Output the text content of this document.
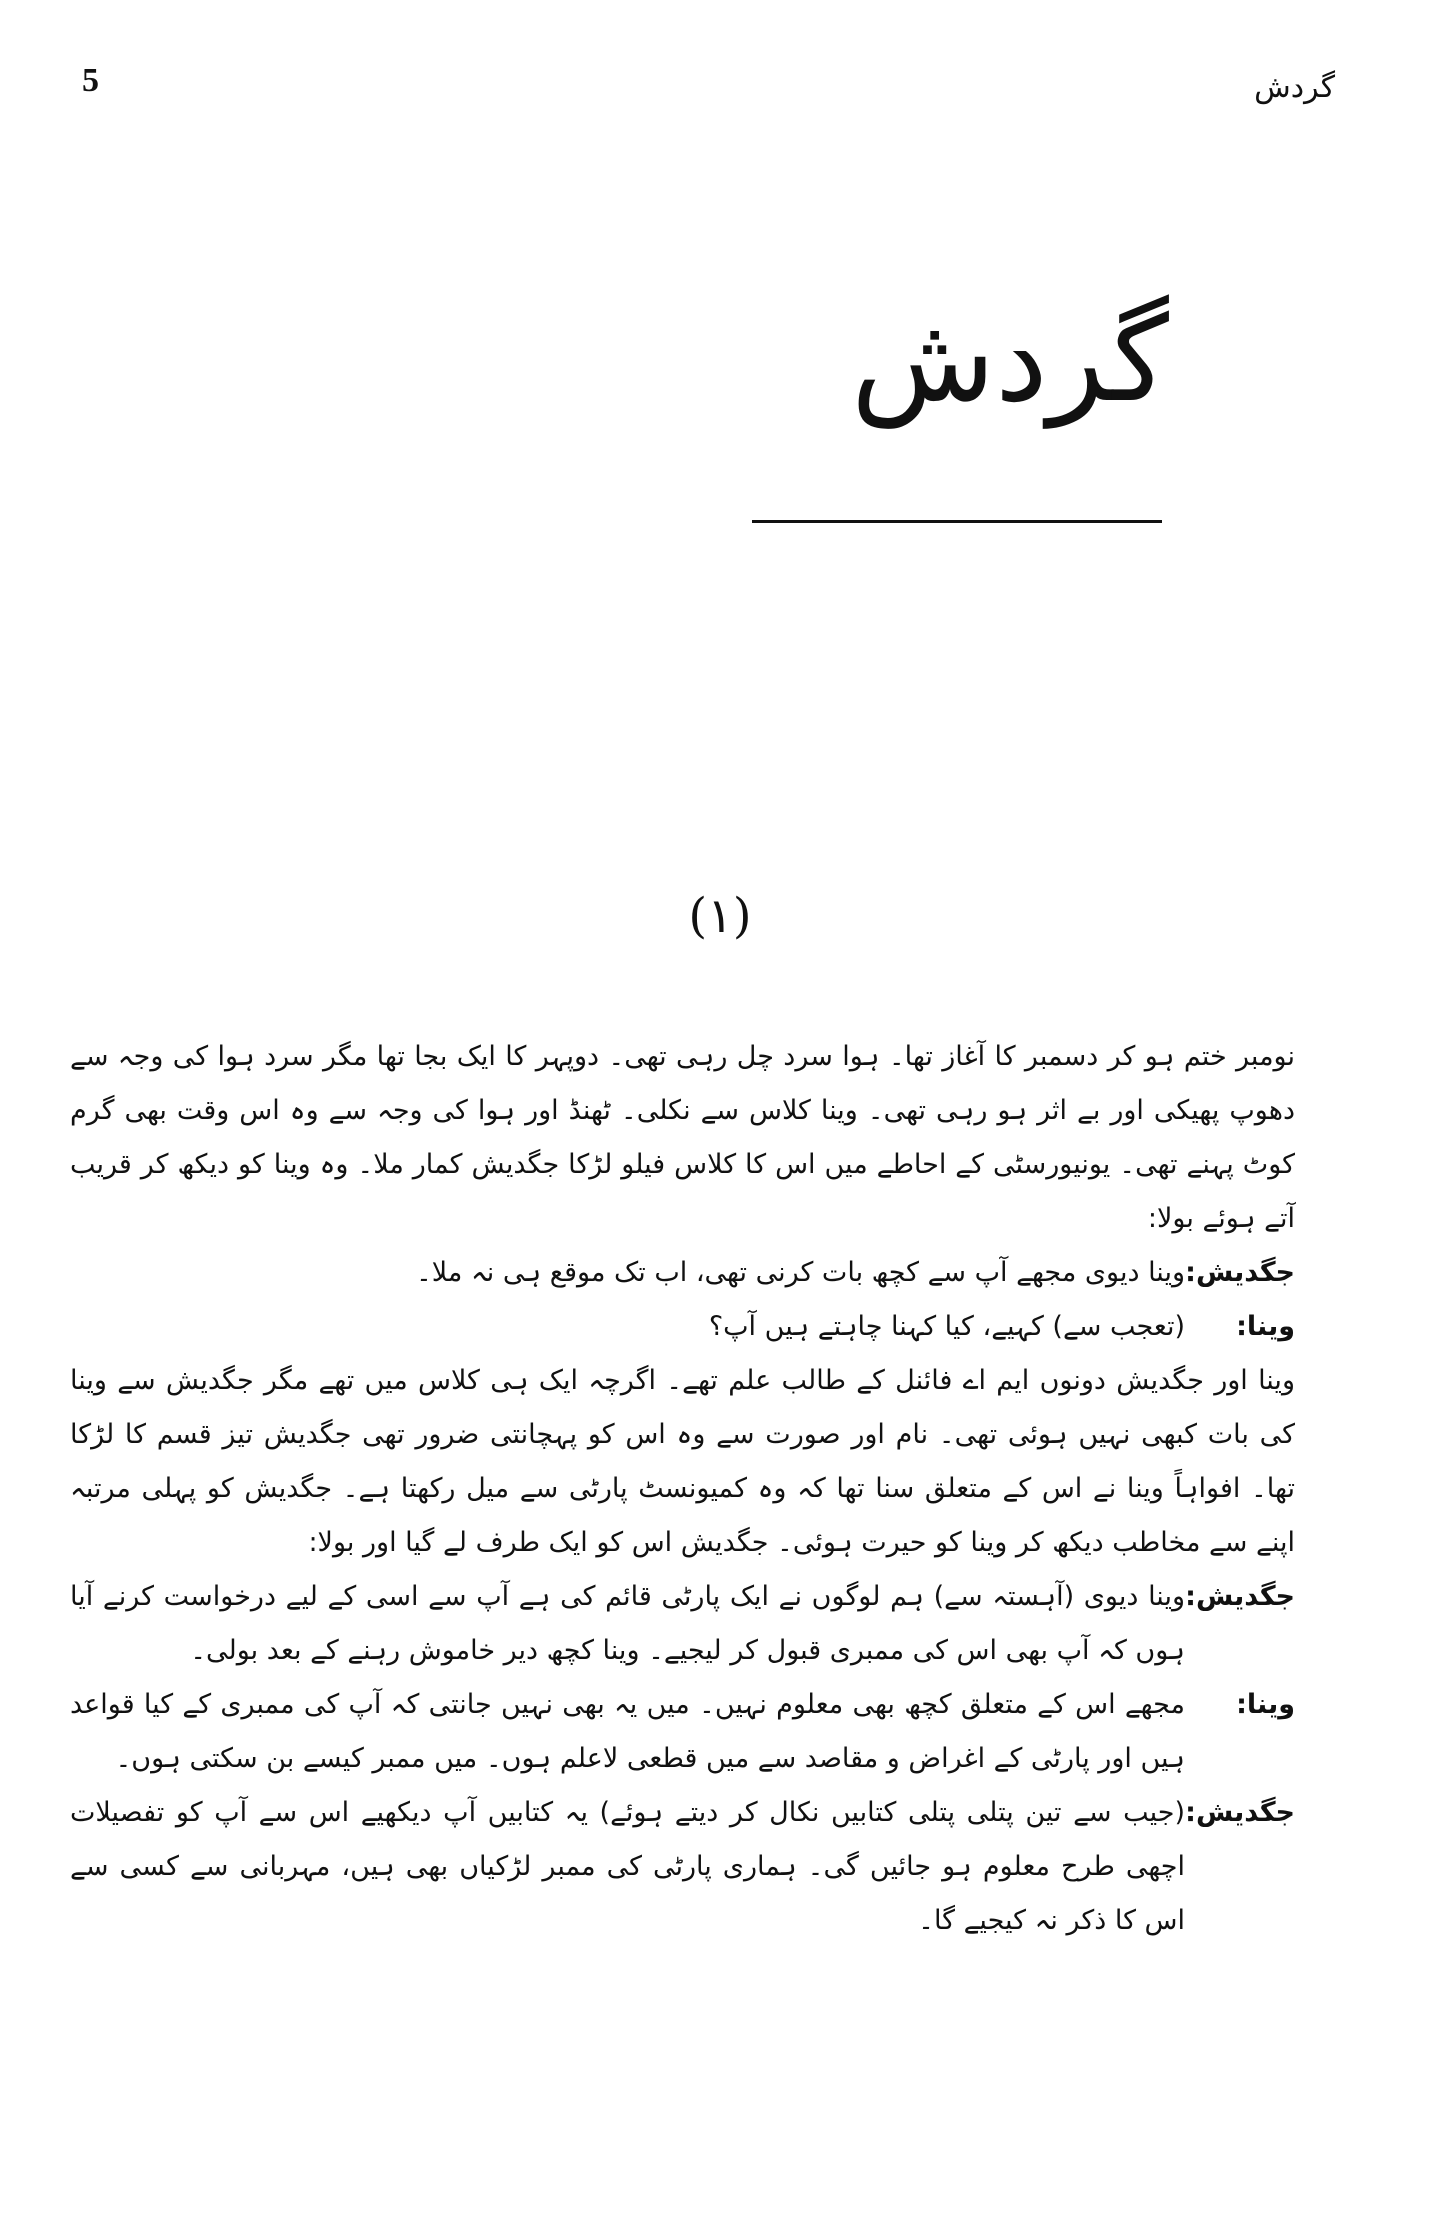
5	گردش
گردش
(۱)

نومبر ختم ہو کر دسمبر کا آغاز تھا۔ ہوا سرد چل رہی تھی۔ دوپہر کا ایک بجا تھا مگر سرد ہوا کی وجہ سے دھوپ پھیکی اور بے اثر ہو رہی تھی۔ وینا کلاس سے نکلی۔ ٹھنڈ اور ہوا کی وجہ سے وہ اس وقت بھی گرم کوٹ پہنے تھی۔ یونیورسٹی کے احاطے میں اس کا کلاس فیلو لڑکا جگدیش کمار ملا۔ وہ وینا کو دیکھ کر قریب آتے ہوئے بولا:

جگدیش:
وینا دیوی مجھے آپ سے کچھ بات کرنی تھی، اب تک موقع ہی نہ ملا۔
وینا:
(تعجب سے) کہیے، کیا کہنا چاہتے ہیں آپ؟

وینا اور جگدیش دونوں ایم اے فائنل کے طالب علم تھے۔ اگرچہ ایک ہی کلاس میں تھے مگر جگدیش سے وینا کی بات کبھی نہیں ہوئی تھی۔ نام اور صورت سے وہ اس کو پہچانتی ضرور تھی جگدیش تیز قسم کا لڑکا تھا۔ افواہاً وینا نے اس کے متعلق سنا تھا کہ وہ کمیونسٹ پارٹی سے میل رکھتا ہے۔ جگدیش کو پہلی مرتبہ اپنے سے مخاطب دیکھ کر وینا کو حیرت ہوئی۔ جگدیش اس کو ایک طرف لے گیا اور بولا:

جگدیش:
وینا دیوی (آہستہ سے) ہم لوگوں نے ایک پارٹی قائم کی ہے آپ سے اسی کے لیے درخواست کرنے آیا ہوں کہ آپ بھی اس کی ممبری قبول کر لیجیے۔ وینا کچھ دیر خاموش رہنے کے بعد بولی۔
وینا:
مجھے اس کے متعلق کچھ بھی معلوم نہیں۔ میں یہ بھی نہیں جانتی کہ آپ کی ممبری کے کیا قواعد ہیں اور پارٹی کے اغراض و مقاصد سے میں قطعی لاعلم ہوں۔ میں ممبر کیسے بن سکتی ہوں۔
جگدیش:
(جیب سے تین پتلی پتلی کتابیں نکال کر دیتے ہوئے) یہ کتابیں آپ دیکھیے اس سے آپ کو تفصیلات اچھی طرح معلوم ہو جائیں گی۔ ہماری پارٹی کی ممبر لڑکیاں بھی ہیں، مہربانی سے کسی سے اس کا ذکر نہ کیجیے گا۔
